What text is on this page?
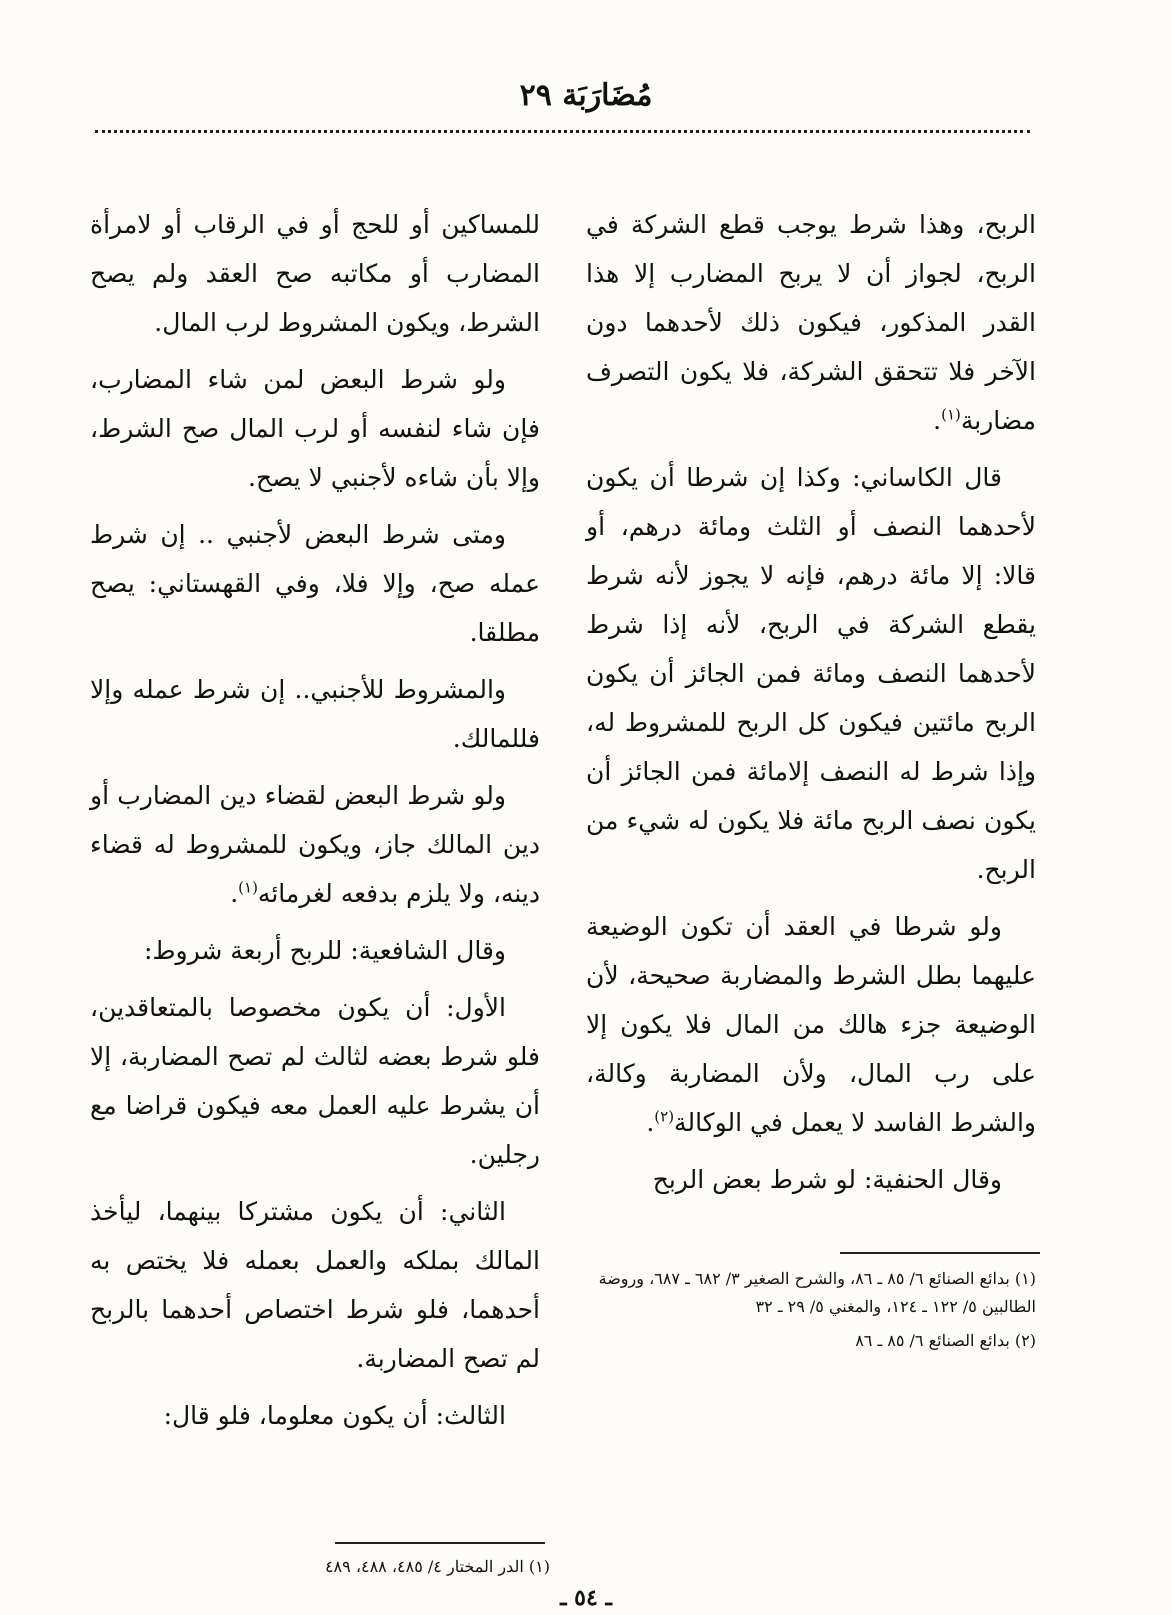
مُضَارَبَة ٢٩

الربح، وهذا شرط يوجب قطع الشركة في الربح، لجواز أن لا يربح المضارب إلا هذا القدر المذكور، فيكون ذلك لأحدهما دون الآخر فلا تتحقق الشركة، فلا يكون التصرف مضاربة$^{(١)}$.

قال الكاساني: وكذا إن شرطا أن يكون لأحدهما النصف أو الثلث ومائة درهم، أو قالا: إلا مائة درهم، فإنه لا يجوز لأنه شرط يقطع الشركة في الربح، لأنه إذا شرط لأحدهما النصف ومائة فمن الجائز أن يكون الربح مائتين فيكون كل الربح للمشروط له، وإذا شرط له النصف إلامائة فمن الجائز أن يكون نصف الربح مائة فلا يكون له شيء من الربح.

ولو شرطا في العقد أن تكون الوضيعة عليهما بطل الشرط والمضاربة صحيحة، لأن الوضيعة جزء هالك من المال فلا يكون إلا على رب المال، ولأن المضاربة وكالة، والشرط الفاسد لا يعمل في الوكالة$^{(٢)}$.

وقال الحنفية: لو شرط بعض الربح

(١) بدائع الصنائع ٦/ ٨٥ ـ ٨٦، والشرح الصغير ٣/ ٦٨٢ ـ ٦٨٧، وروضة الطالبين ٥/ ١٢٢ ـ ١٢٤، والمغني ٥/ ٢٩ ـ ٣٢

(٢) بدائع الصنائع ٦/ ٨٥ ـ ٨٦

للمساكين أو للحج أو في الرقاب أو لامرأة المضارب أو مكاتبه صح العقد ولم يصح الشرط، ويكون المشروط لرب المال.

ولو شرط البعض لمن شاء المضارب، فإن شاء لنفسه أو لرب المال صح الشرط، وإلا بأن شاءه لأجنبي لا يصح.

ومتى شرط البعض لأجنبي .. إن شرط عمله صح، وإلا فلا، وفي القهستاني: يصح مطلقا.

والمشروط للأجنبي.. إن شرط عمله وإلا فللمالك.

ولو شرط البعض لقضاء دين المضارب أو دين المالك جاز، ويكون للمشروط له قضاء دينه، ولا يلزم بدفعه لغرمائه$^{(١)}$.

وقال الشافعية: للربح أربعة شروط:

الأول: أن يكون مخصوصا بالمتعاقدين، فلو شرط بعضه لثالث لم تصح المضاربة، إلا أن يشرط عليه العمل معه فيكون قراضا مع رجلين.

الثاني: أن يكون مشتركا بينهما، ليأخذ المالك بملكه والعمل بعمله فلا يختص به أحدهما، فلو شرط اختصاص أحدهما بالربح لم تصح المضاربة.

الثالث: أن يكون معلوما، فلو قال:

(١) الدر المختار ٤/ ٤٨٥، ٤٨٨، ٤٨٩

ـ ٥٤ ـ
